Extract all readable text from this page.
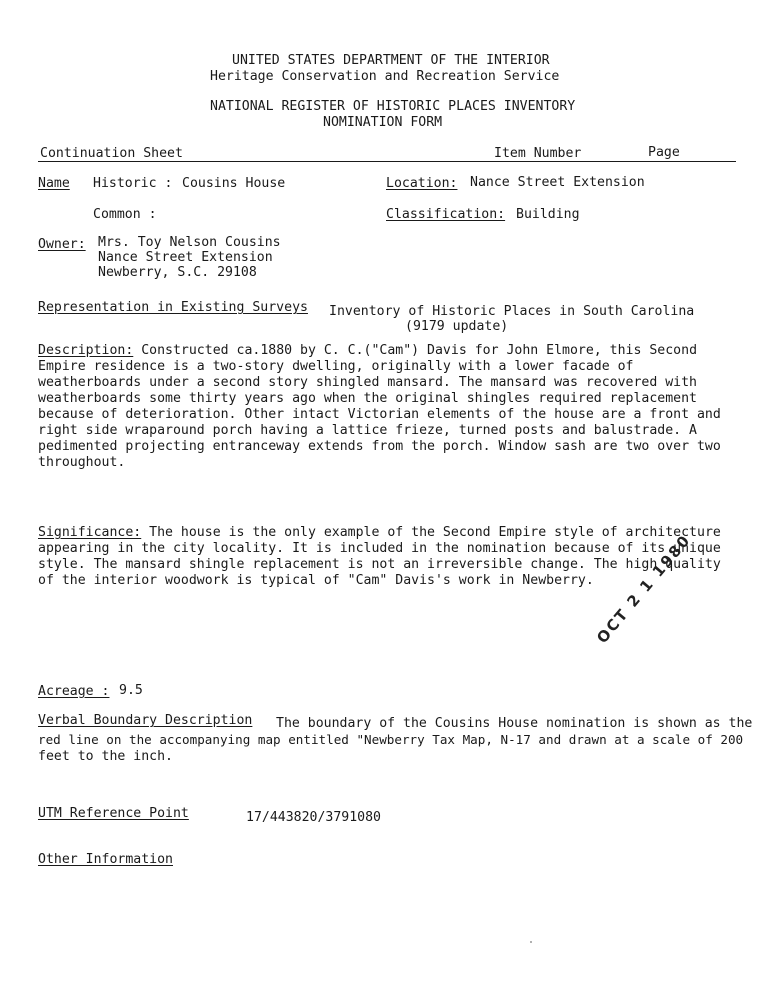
UNITED STATES DEPARTMENT OF THE INTERIOR
Heritage Conservation and Recreation Service
NATIONAL REGISTER OF HISTORIC PLACES INVENTORY
NOMINATION FORM
Continuation Sheet	Item Number	Page
Name Historic : Cousins House	Location: Nance Street Extension
Common :	Classification: Building
Owner: Mrs. Toy Nelson Cousins
Nance Street Extension
Newberry, S.C. 29108
Representation in Existing Surveys Inventory of Historic Places in South Carolina
(9179 update)

Description: Constructed ca.1880 by C. C.("Cam") Davis for John Elmore, this Second Empire residence is a two-story dwelling, originally with a lower facade of weatherboards under a second story shingled mansard. The mansard was recovered with weatherboards some thirty years ago when the original shingles required replacement because of deterioration. Other intact Victorian elements of the house are a front and right side wraparound porch having a lattice frieze, turned posts and balustrade. A pedimented projecting entranceway extends from the porch. Window sash are two over two throughout.

Significance: The house is the only example of the Second Empire style of architecture appearing in the city locality. It is included in the nomination because of its unique style. The mansard shingle replacement is not an irreversible change. The high quality of the interior woodwork is typical of "Cam" Davis's work in Newberry. OCT 2 1 1980
Acreage : 9.5
Verbal Boundary Description The boundary of the Cousins House nomination is shown as the
red line on the accompanying map entitled "Newberry Tax Map, N-17 and drawn at a scale of 200
feet to the inch.
UTM Reference Point	17/443820/3791080
Other Information
